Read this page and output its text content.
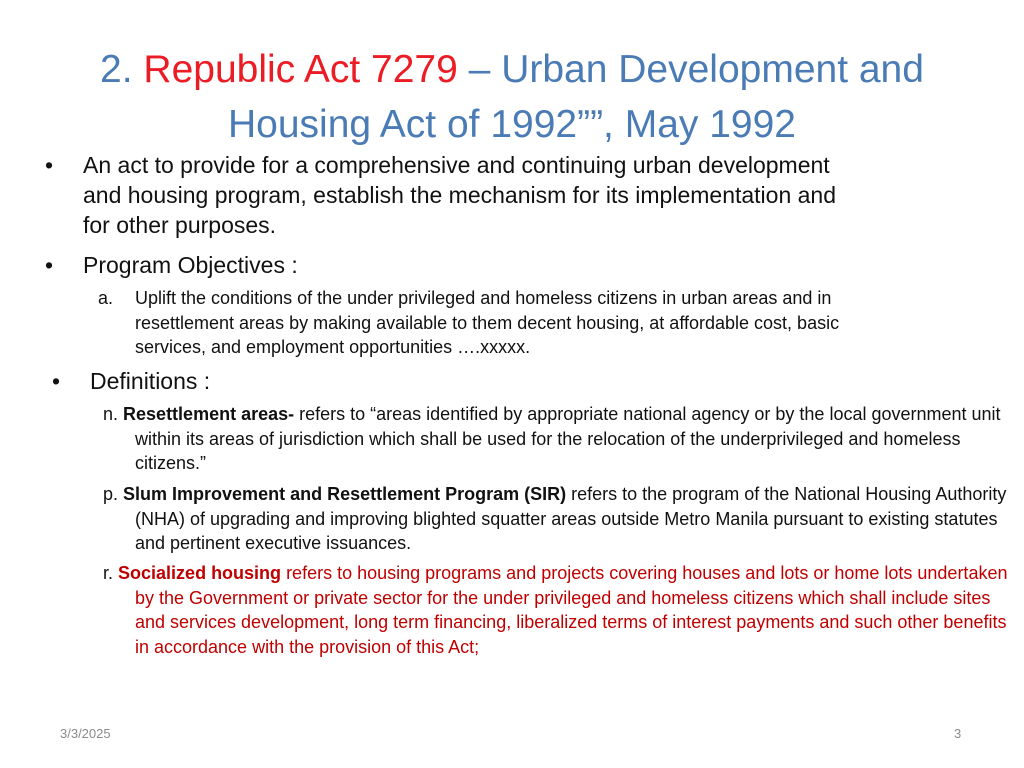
2. Republic Act 7279 – Urban Development and
Housing Act of 1992””, May 1992
• An act to provide for a comprehensive and continuing urban development
and housing program, establish the mechanism for its implementation and
for other purposes.
• Program Objectives :
a. Uplift the conditions of the under privileged and homeless citizens in urban areas and in
resettlement areas by making available to them decent housing, at affordable cost, basic
services, and employment opportunities ….xxxxx.
• Definitions :
n. Resettlement areas- refers to “areas identified by appropriate national agency or by the local government unit within its areas of jurisdiction which shall be used for the relocation of the underprivileged and homeless citizens.”
p. Slum Improvement and Resettlement Program (SIR) refers to the program of the National Housing Authority (NHA) of upgrading and improving blighted squatter areas outside Metro Manila pursuant to existing statutes and pertinent executive issuances.
r. Socialized housing refers to housing programs and projects covering houses and lots or home lots undertaken by the Government or private sector for the under privileged and homeless citizens which shall include sites and services development, long term financing, liberalized terms of interest payments and such other benefits in accordance with the provision of this Act;
3/3/2025	3
